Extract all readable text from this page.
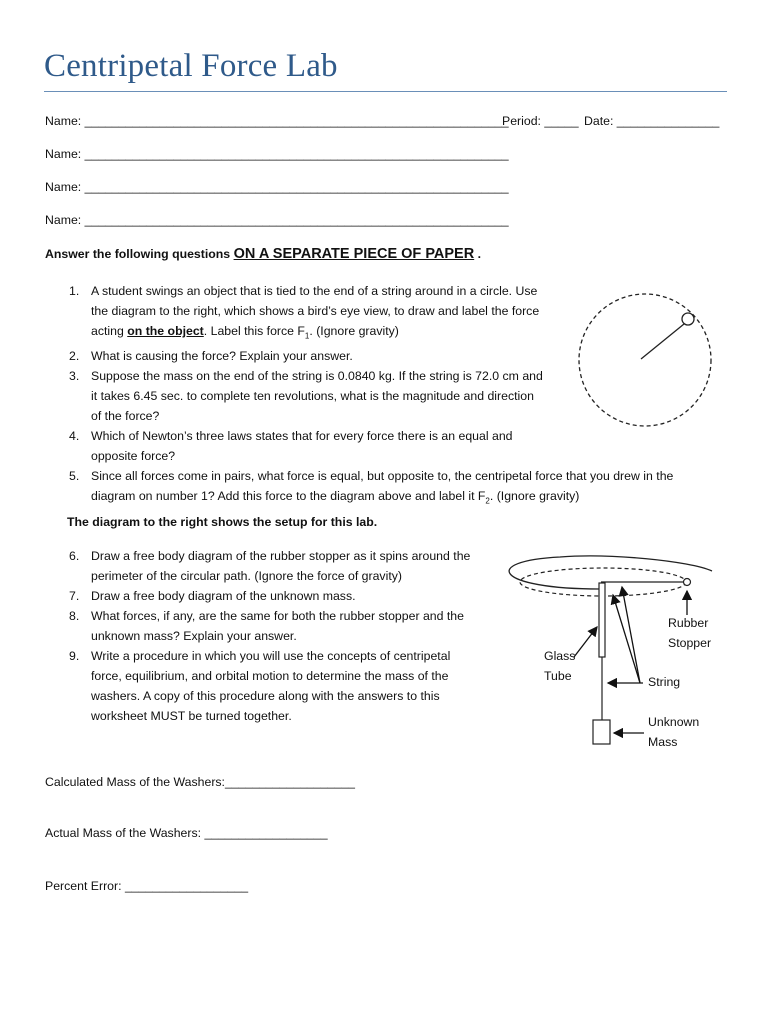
Centripetal Force Lab
Name: ______________________________________________________________
Period: _____ Date: _______________
Name: ______________________________________________________________
Name: ______________________________________________________________
Name: ______________________________________________________________
Answer the following questions ON A SEPARATE PIECE OF PAPER .
1. A student swings an object that is tied to the end of a string around in a circle. Use
the diagram to the right, which shows a bird’s eye view, to draw and label the force
acting on the object. Label this force $F_1$. (Ignore gravity)
2. What is causing the force? Explain your answer.
3. Suppose the mass on the end of the string is 0.0840 kg. If the string is 72.0 cm and
it takes 6.45 sec. to complete ten revolutions, what is the magnitude and direction
of the force?
4. Which of Newton’s three laws states that for every force there is an equal and
opposite force?
5. Since all forces come in pairs, what force is equal, but opposite to, the centripetal force that you drew in the
diagram on number 1? Add this force to the diagram above and label it $F_2$. (Ignore gravity)
The diagram to the right shows the setup for this lab.
6. Draw a free body diagram of the rubber stopper as it spins around the
perimeter of the circular path. (Ignore the force of gravity)
7. Draw a free body diagram of the unknown mass.
8. What forces, if any, are the same for both the rubber stopper and the
unknown mass? Explain your answer.
9. Write a procedure in which you will use the concepts of centripetal
force, equilibrium, and orbital motion to determine the mass of the
washers. A copy of this procedure along with the answers to this
worksheet MUST be turned together.
Rubber
Stopper
Glass
Tube	String
Unknown
Mass
Calculated Mass of the Washers:___________________
Actual Mass of the Washers: __________________
Percent Error: __________________
